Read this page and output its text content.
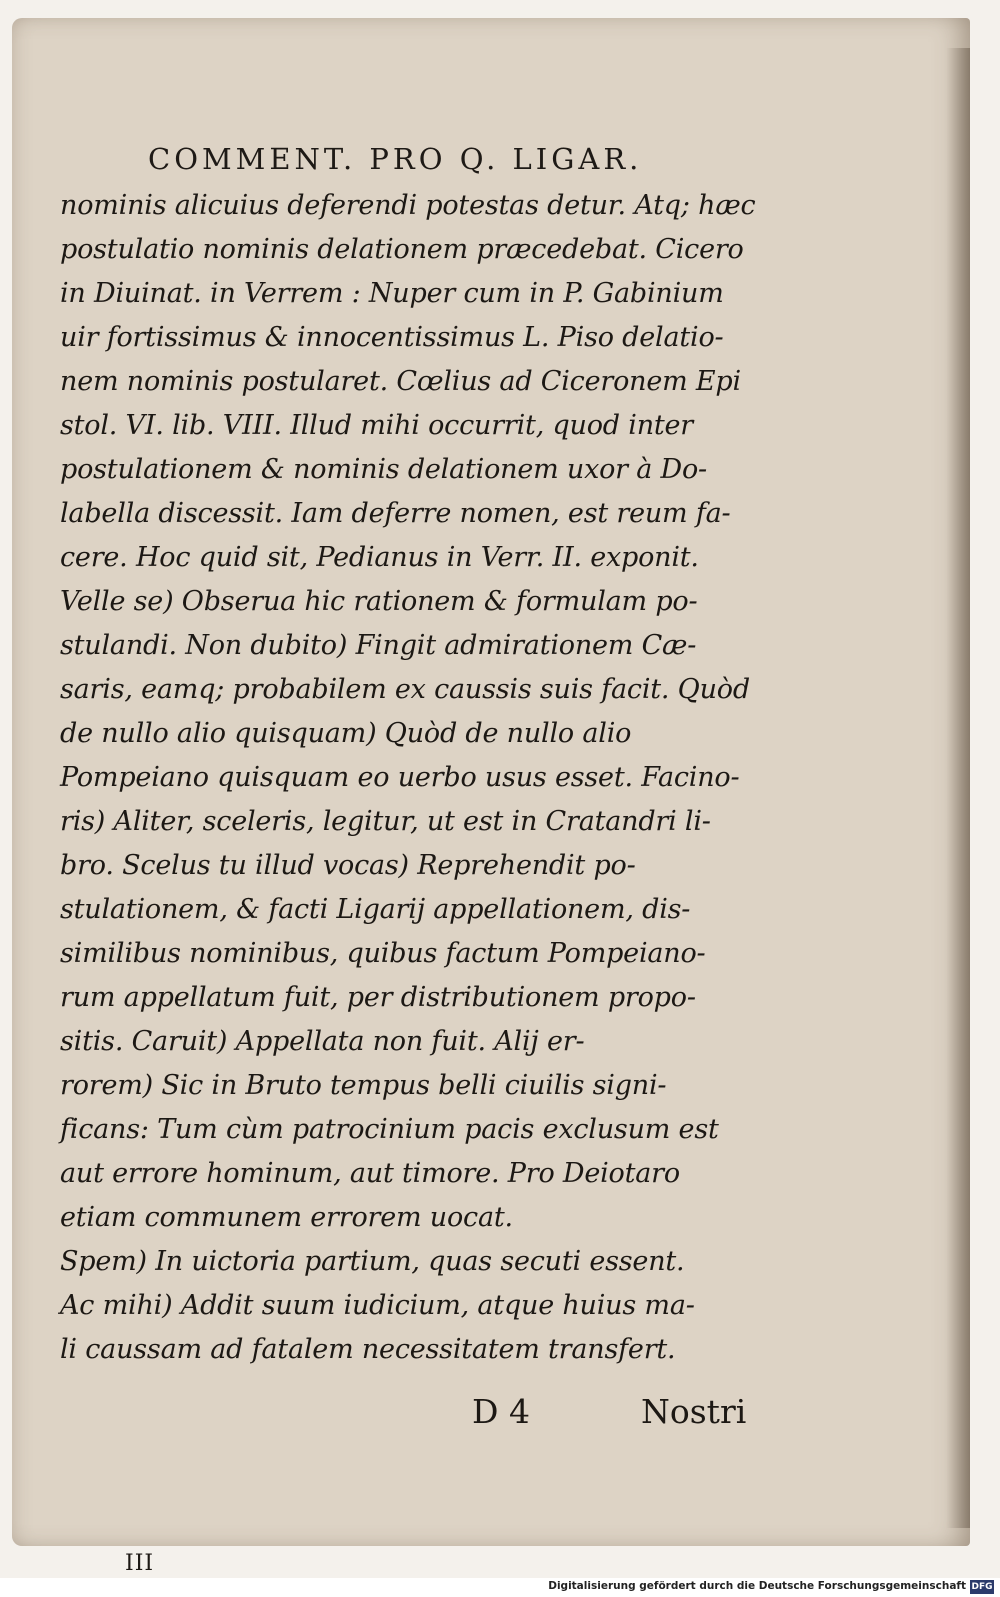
COMMENT. PRO Q. LIGAR.
nominis alicuius deferendi potestas detur. Atq; hæc
postulatio nominis delationem præcedebat. Cicero
in Diuinat. in Verrem : Nuper cum in P. Gabinium
uir fortissimus & innocentissimus L. Piso delatio-
nem nominis postularet. Cœlius ad Ciceronem Epi
stol. VI. lib. VIII. Illud mihi occurrit, quod inter
postulationem & nominis delationem uxor à Do-
labella discessit. Iam deferre nomen, est reum fa-
cere. Hoc quid sit, Pedianus in Verr. II. exponit.
Velle se) Obserua hic rationem & formulam po-
stulandi. Non dubito) Fingit admirationem Cæ-
saris, eamq; probabilem ex caussis suis facit. Quòd
de nullo alio quisquam) Quòd de nullo alio
Pompeiano quisquam eo uerbo usus esset. Facino-
ris) Aliter, sceleris, legitur, ut est in Cratandri li-
bro. Scelus tu illud vocas) Reprehendit po-
stulationem, & facti Ligarij appellationem, dis-
similibus nominibus, quibus factum Pompeiano-
rum appellatum fuit, per distributionem propo-
sitis. Caruit) Appellata non fuit. Alij er-
rorem) Sic in Bruto tempus belli ciuilis signi-
ficans: Tum cùm patrocinium pacis exclusum est
aut errore hominum, aut timore. Pro Deiotaro
etiam communem errorem uocat.
Spem) In uictoria partium, quas secuti essent.
Ac mihi) Addit suum iudicium, atque huius ma-
li caussam ad fatalem necessitatem transfert.
D 4	Nostri
III
Digitalisierung gefördert durch die Deutsche Forschungsgemeinschaft DFG
